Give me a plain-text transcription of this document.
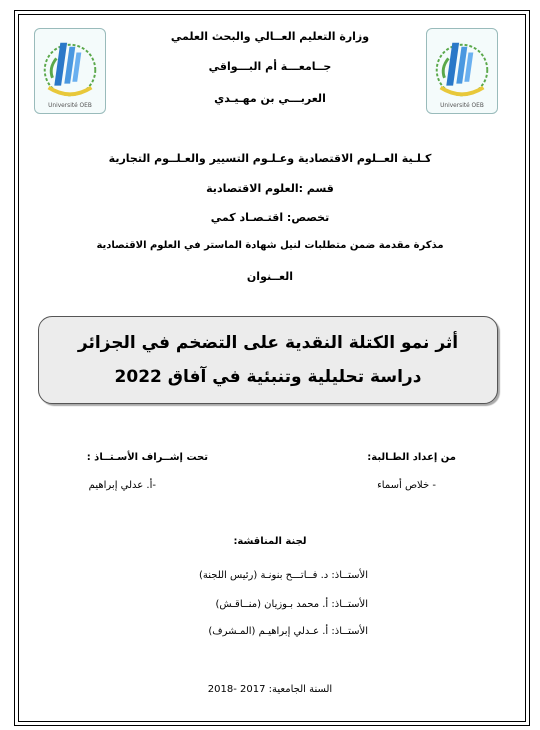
Université OEB	Université OEB
وزارة التعليم العــالي والبحث العلمي
جــامعـــة أم البـــواقي
العربـــي بن مهـيـدي
كـلـية العــلوم الاقتصادية وعـلـوم التسيير والعـلــوم التجارية
قسم :العلوم الاقتصادية
تخصص: اقتـصـاد كمي
مذكرة مقدمة ضمن متطلبات لنيل شهادة الماستر في العلوم الاقتصادية
العــنوان
أثر نمو الكتلة النقدية على التضخم في الجزائر
دراسة تحليلية وتنبئية في آفاق 2022
من إعداد الطـالبة:
- خلاص أسماء
تحت إشــراف الأسـتــاذ :
-أ. عدلي إبراهيم
لجنة المناقشة:
الأستــاذ: د. فــاتـــح بنونـة (رئيس اللجنة)
الأستــاذ: أ. محمد بـوزيان (منــاقـش)
الأستــاذ: أ. عـدلي إبراهيـم (المـشرف)
السنة الجامعية: 2017 -2018
